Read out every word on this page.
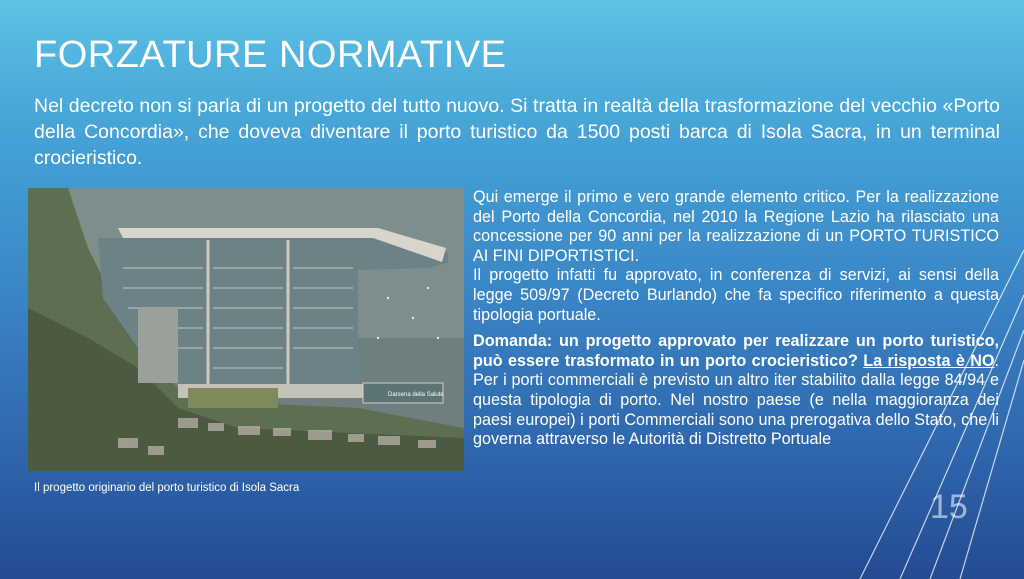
FORZATURE NORMATIVE
Nel decreto non si parla di un progetto del tutto nuovo. Si tratta in realtà della trasformazione del vecchio «Porto della Concordia», che doveva diventare il porto turistico da 1500 posti barca di Isola Sacra, in un terminal crocieristico.
Darsena della Salute
Il progetto originario del porto turistico di Isola Sacra

Qui emerge il primo e vero grande elemento critico. Per la realizzazione del Porto della Concordia, nel 2010 la Regione Lazio ha rilasciato una concessione per 90 anni per la realizzazione di un PORTO TURISTICO AI FINI DIPORTISTICI.

Il progetto infatti fu approvato, in conferenza di servizi, ai sensi della legge 509/97 (Decreto Burlando) che fa specifico riferimento a questa tipologia portuale.

Domanda: un progetto approvato per realizzare un porto turistico, può essere trasformato in un porto crocieristico? La risposta è NO. Per i porti commerciali è previsto un altro iter stabilito dalla legge 84/94 e questa tipologia di porto. Nel nostro paese (e nella maggioranza dei paesi europei) i porti Commerciali sono una prerogativa dello Stato, che li governa attraverso le Autorità di Distretto Portuale

15
